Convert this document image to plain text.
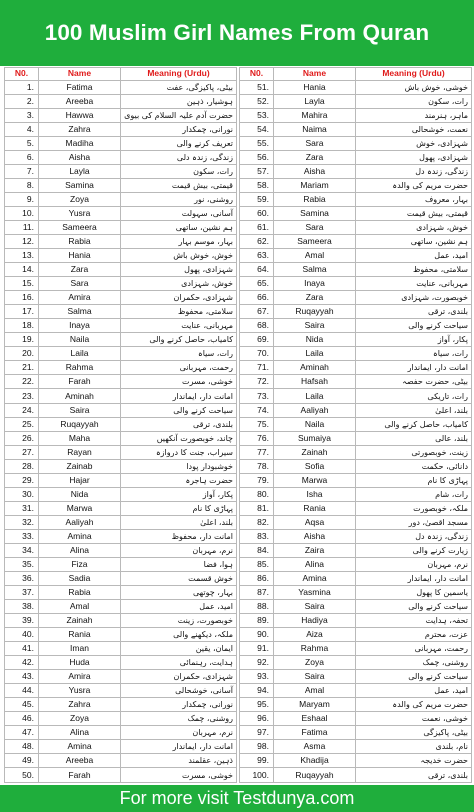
100 Muslim Girl Names From Quran
N0.	Name	Meaning (Urdu)
1.	Fatima	بیٹی، پاکیزگی، عفت
2.	Areeba	ہوشیار، ذہین
3.	Hawwa	حضرت آدم علیہ السلام کی بیوی
4.	Zahra	نورانی، چمکدار
5.	Madiha	تعریف کرنے والی
6.	Aisha	زندگی، زندہ دلی
7.	Layla	رات، سکون
8.	Samina	قیمتی، بیش قیمت
9.	Zoya	روشنی، نور
10.	Yusra	آسانی، سہولت
11.	Sameera	ہم نشین، ساتھی
12.	Rabia	بہار، موسم بہار
13.	Hania	خوش، خوش باش
14.	Zara	شہزادی، پھول
15.	Sara	خوش، شہزادی
16.	Amira	شہزادی، حکمران
17.	Salma	سلامتی، محفوظ
18.	Inaya	مہربانی، عنایت
19.	Naila	کامیاب، حاصل کرنے والی
20.	Laila	رات، سیاہ
21.	Rahma	رحمت، مہربانی
22.	Farah	خوشی، مسرت
23.	Aminah	امانت دار، ایماندار
24.	Saira	سیاحت کرنے والی
25.	Ruqayyah	بلندی، ترقی
26.	Maha	چاند، خوبصورت آنکھیں
27.	Rayan	سیراب، جنت کا دروازہ
28.	Zainab	خوشبودار پودا
29.	Hajar	حضرت ہاجرہ
30.	Nida	پکار، آواز
31.	Marwa	پہاڑی کا نام
32.	Aaliyah	بلند، اعلیٰ
33.	Amina	امانت دار، محفوظ
34.	Alina	نرم، مہربان
35.	Fiza	ہوا، فضا
36.	Sadia	خوش قسمت
37.	Rabia	بہار، چوتھی
38.	Amal	امید، عمل
39.	Zainah	خوبصورت، زینت
40.	Rania	ملکہ، دیکھنے والی
41.	Iman	ایمان، یقین
42.	Huda	ہدایت، رہنمائی
43.	Amira	شہزادی، حکمران
44.	Yusra	آسانی، خوشحالی
45.	Zahra	نورانی، چمکدار
46.	Zoya	روشنی، چمک
47.	Alina	نرم، مہربان
48.	Amina	امانت دار، ایماندار
49.	Areeba	ذہین، عقلمند
50.	Farah	خوشی، مسرت
N0.	Name	Meaning (Urdu)
51.	Hania	خوشی، خوش باش
52.	Layla	رات، سکون
53.	Mahira	ماہر، ہنرمند
54.	Naima	نعمت، خوشحالی
55.	Sara	شہزادی، خوش
56.	Zara	شہزادی، پھول
57.	Aisha	زندگی، زندہ دل
58.	Mariam	حضرت مریم کی والدہ
59.	Rabia	بہار، معروف
60.	Samina	قیمتی، بیش قیمت
61.	Sara	خوش، شہزادی
62.	Sameera	ہم نشین، ساتھی
63.	Amal	امید، عمل
64.	Salma	سلامتی، محفوظ
65.	Inaya	مہربانی، عنایت
66.	Zara	خوبصورت، شہزادی
67.	Ruqayyah	بلندی، ترقی
68.	Saira	سیاحت کرنے والی
69.	Nida	پکار، آواز
70.	Laila	رات، سیاہ
71.	Aminah	امانت دار، ایماندار
72.	Hafsah	بیٹی، حضرت حفصہ
73.	Laila	رات، تاریکی
74.	Aaliyah	بلند، اعلیٰ
75.	Naila	کامیاب، حاصل کرنے والی
76.	Sumaiya	بلند، عالی
77.	Zainah	زینت، خوبصورتی
78.	Sofia	دانائی، حکمت
79.	Marwa	پہاڑی کا نام
80.	Isha	رات، شام
81.	Rania	ملکہ، خوبصورت
82.	Aqsa	مسجد اقصیٰ، دور
83.	Aisha	زندگی، زندہ دل
84.	Zaira	زیارت کرنے والی
85.	Alina	نرم، مہربان
86.	Amina	امانت دار، ایماندار
87.	Yasmina	یاسمین کا پھول
88.	Saira	سیاحت کرنے والی
89.	Hadiya	تحفہ، ہدایت
90.	Aiza	عزت، محترم
91.	Rahma	رحمت، مہربانی
92.	Zoya	روشنی، چمک
93.	Saira	سیاحت کرنے والی
94.	Amal	امید، عمل
95.	Maryam	حضرت مریم کی والدہ
96.	Eshaal	خوشی، نعمت
97.	Fatima	بیٹی، پاکیزگی
98.	Asma	نام، بلندی
99.	Khadija	حضرت خدیجہ
100.	Ruqayyah	بلندی، ترقی
For more visit Testdunya.com
